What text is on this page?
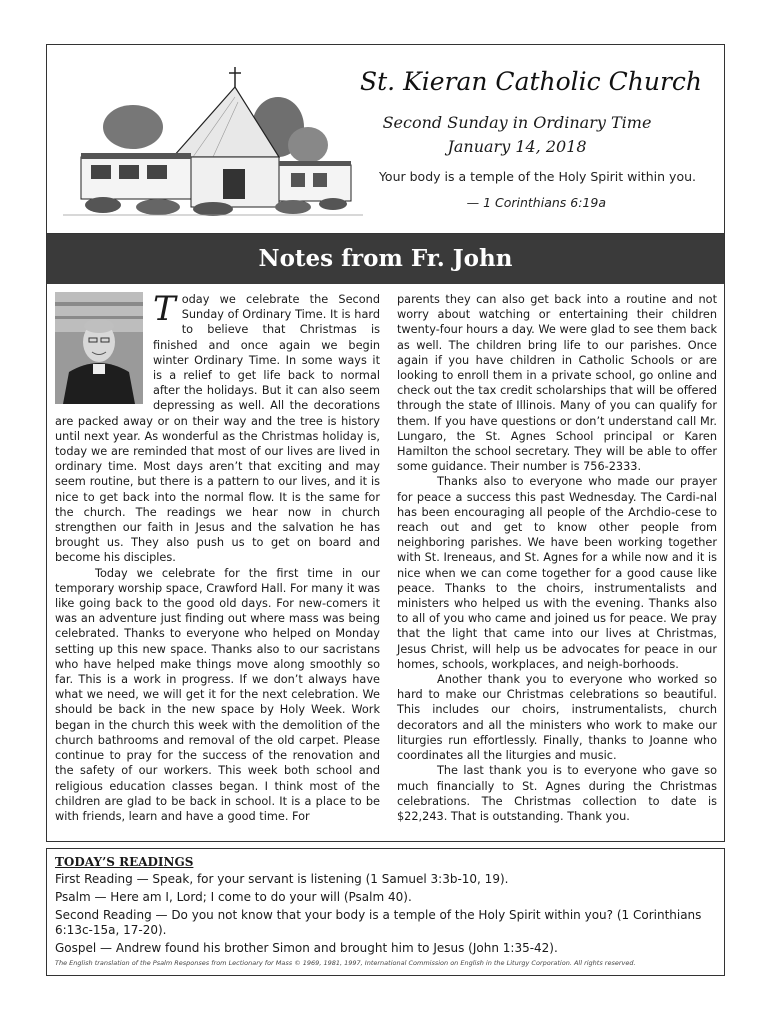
St. Kieran Catholic Church
Second Sunday in Ordinary Time
January 14, 2018
Your body is a temple of the Holy Spirit within you.
— 1 Corinthians 6:19a
Notes from Fr. John
T oday we celebrate the Second Sunday of Ordinary Time. It is hard to believe that Christmas is finished and once again we begin winter Ordinary Time. In some ways it is a relief to get life back to normal after the holidays. But it can also seem depressing as well. All the decorations are packed away or on their way and the tree is history until next year. As wonderful as the Christmas holiday is, today we are reminded that most of our lives are lived in ordinary time. Most days aren’t that exciting and may seem routine, but there is a pattern to our lives, and it is nice to get back into the normal flow. It is the same for the church. The readings we hear now in church strengthen our faith in Jesus and the salvation he has brought us. They also push us to get on board and become his disciples.

Today we celebrate for the first time in our temporary worship space, Crawford Hall. For many it was like going back to the good old days. For new-comers it was an adventure just finding out where mass was being celebrated. Thanks to everyone who helped on Monday setting up this new space. Thanks also to our sacristans who have helped make things move along smoothly so far. This is a work in progress. If we don’t always have what we need, we will get it for the next celebration. We should be back in the new space by Holy Week. Work began in the church this week with the demolition of the church bathrooms and removal of the old carpet. Please continue to pray for the success of the renovation and the safety of our workers. This week both school and religious education classes began. I think most of the children are glad to be back in school. It is a place to be with friends, learn and have a good time. For

parents they can also get back into a routine and not worry about watching or entertaining their children twenty-four hours a day. We were glad to see them back as well. The children bring life to our parishes. Once again if you have children in Catholic Schools or are looking to enroll them in a private school, go online and check out the tax credit scholarships that will be offered through the state of Illinois. Many of you can qualify for them. If you have questions or don’t understand call Mr. Lungaro, the St. Agnes School principal or Karen Hamilton the school secretary. They will be able to offer some guidance. Their number is 756-2333.

Thanks also to everyone who made our prayer for peace a success this past Wednesday. The Cardi-nal has been encouraging all people of the Archdio-cese to reach out and get to know other people from neighboring parishes. We have been working together with St. Ireneaus, and St. Agnes for a while now and it is nice when we can come together for a good cause like peace. Thanks to the choirs, instrumentalists and ministers who helped us with the evening. Thanks also to all of you who came and joined us for peace. We pray that the light that came into our lives at Christmas, Jesus Christ, will help us be advocates for peace in our homes, schools, workplaces, and neigh-borhoods.

Another thank you to everyone who worked so hard to make our Christmas celebrations so beautiful. This includes our choirs, instrumentalists, church decorators and all the ministers who work to make our liturgies run effortlessly. Finally, thanks to Joanne who coordinates all the liturgies and music.

The last thank you is to everyone who gave so much financially to St. Agnes during the Christmas celebrations. The Christmas collection to date is $22,243. That is outstanding. Thank you.

TODAY’S READINGS

First Reading — Speak, for your servant is listening (1 Samuel 3:3b-10, 19).

Psalm — Here am I, Lord; I come to do your will (Psalm 40).

Second Reading — Do you not know that your body is a temple of the Holy Spirit within you? (1 Corinthians 6:13c-15a, 17-20).

Gospel — Andrew found his brother Simon and brought him to Jesus (John 1:35-42).

The English translation of the Psalm Responses from Lectionary for Mass © 1969, 1981, 1997, International Commission on English in the Liturgy Corporation. All rights reserved.
